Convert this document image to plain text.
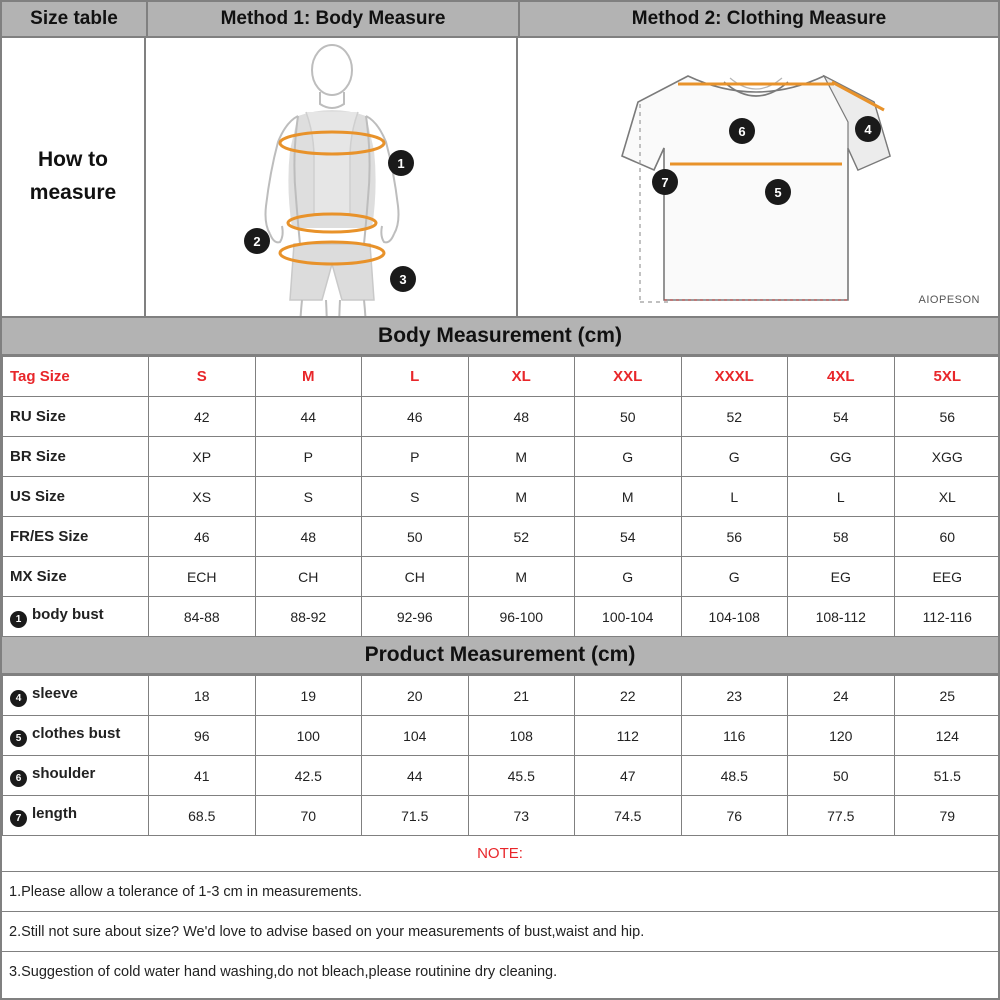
Size table	Method 1: Body Measure	Method 2: Clothing Measure
How to
measure
1
2
3
6	4
7
5
AIOPESON
Body Measurement (cm)
Tag Size	S	M	L	XL	XXL	XXXL	4XL	5XL
RU Size	42	44	46	48	50	52	54	56
BR Size	XP	P	P	M	G	G	GG	XGG
US Size	XS	S	S	M	M	L	L	XL
FR/ES Size	46	48	50	52	54	56	58	60
MX Size	ECH	CH	CH	M	G	G	EG	EEG
1 body bust	84-88	88-92	92-96	96-100	100-104	104-108	108-112	112-116
Product Measurement (cm)
4 sleeve	18	19	20	21	22	23	24	25
5 clothes bust	96	100	104	108	112	116	120	124
6 shoulder	41	42.5	44	45.5	47	48.5	50	51.5
7 length	68.5	70	71.5	73	74.5	76	77.5	79
NOTE:
1.Please allow a tolerance of 1-3 cm in measurements.
2.Still not sure about size? We'd love to advise based on your measurements of bust,waist and hip.
3.Suggestion of cold water hand washing,do not bleach,please routinine dry cleaning.
